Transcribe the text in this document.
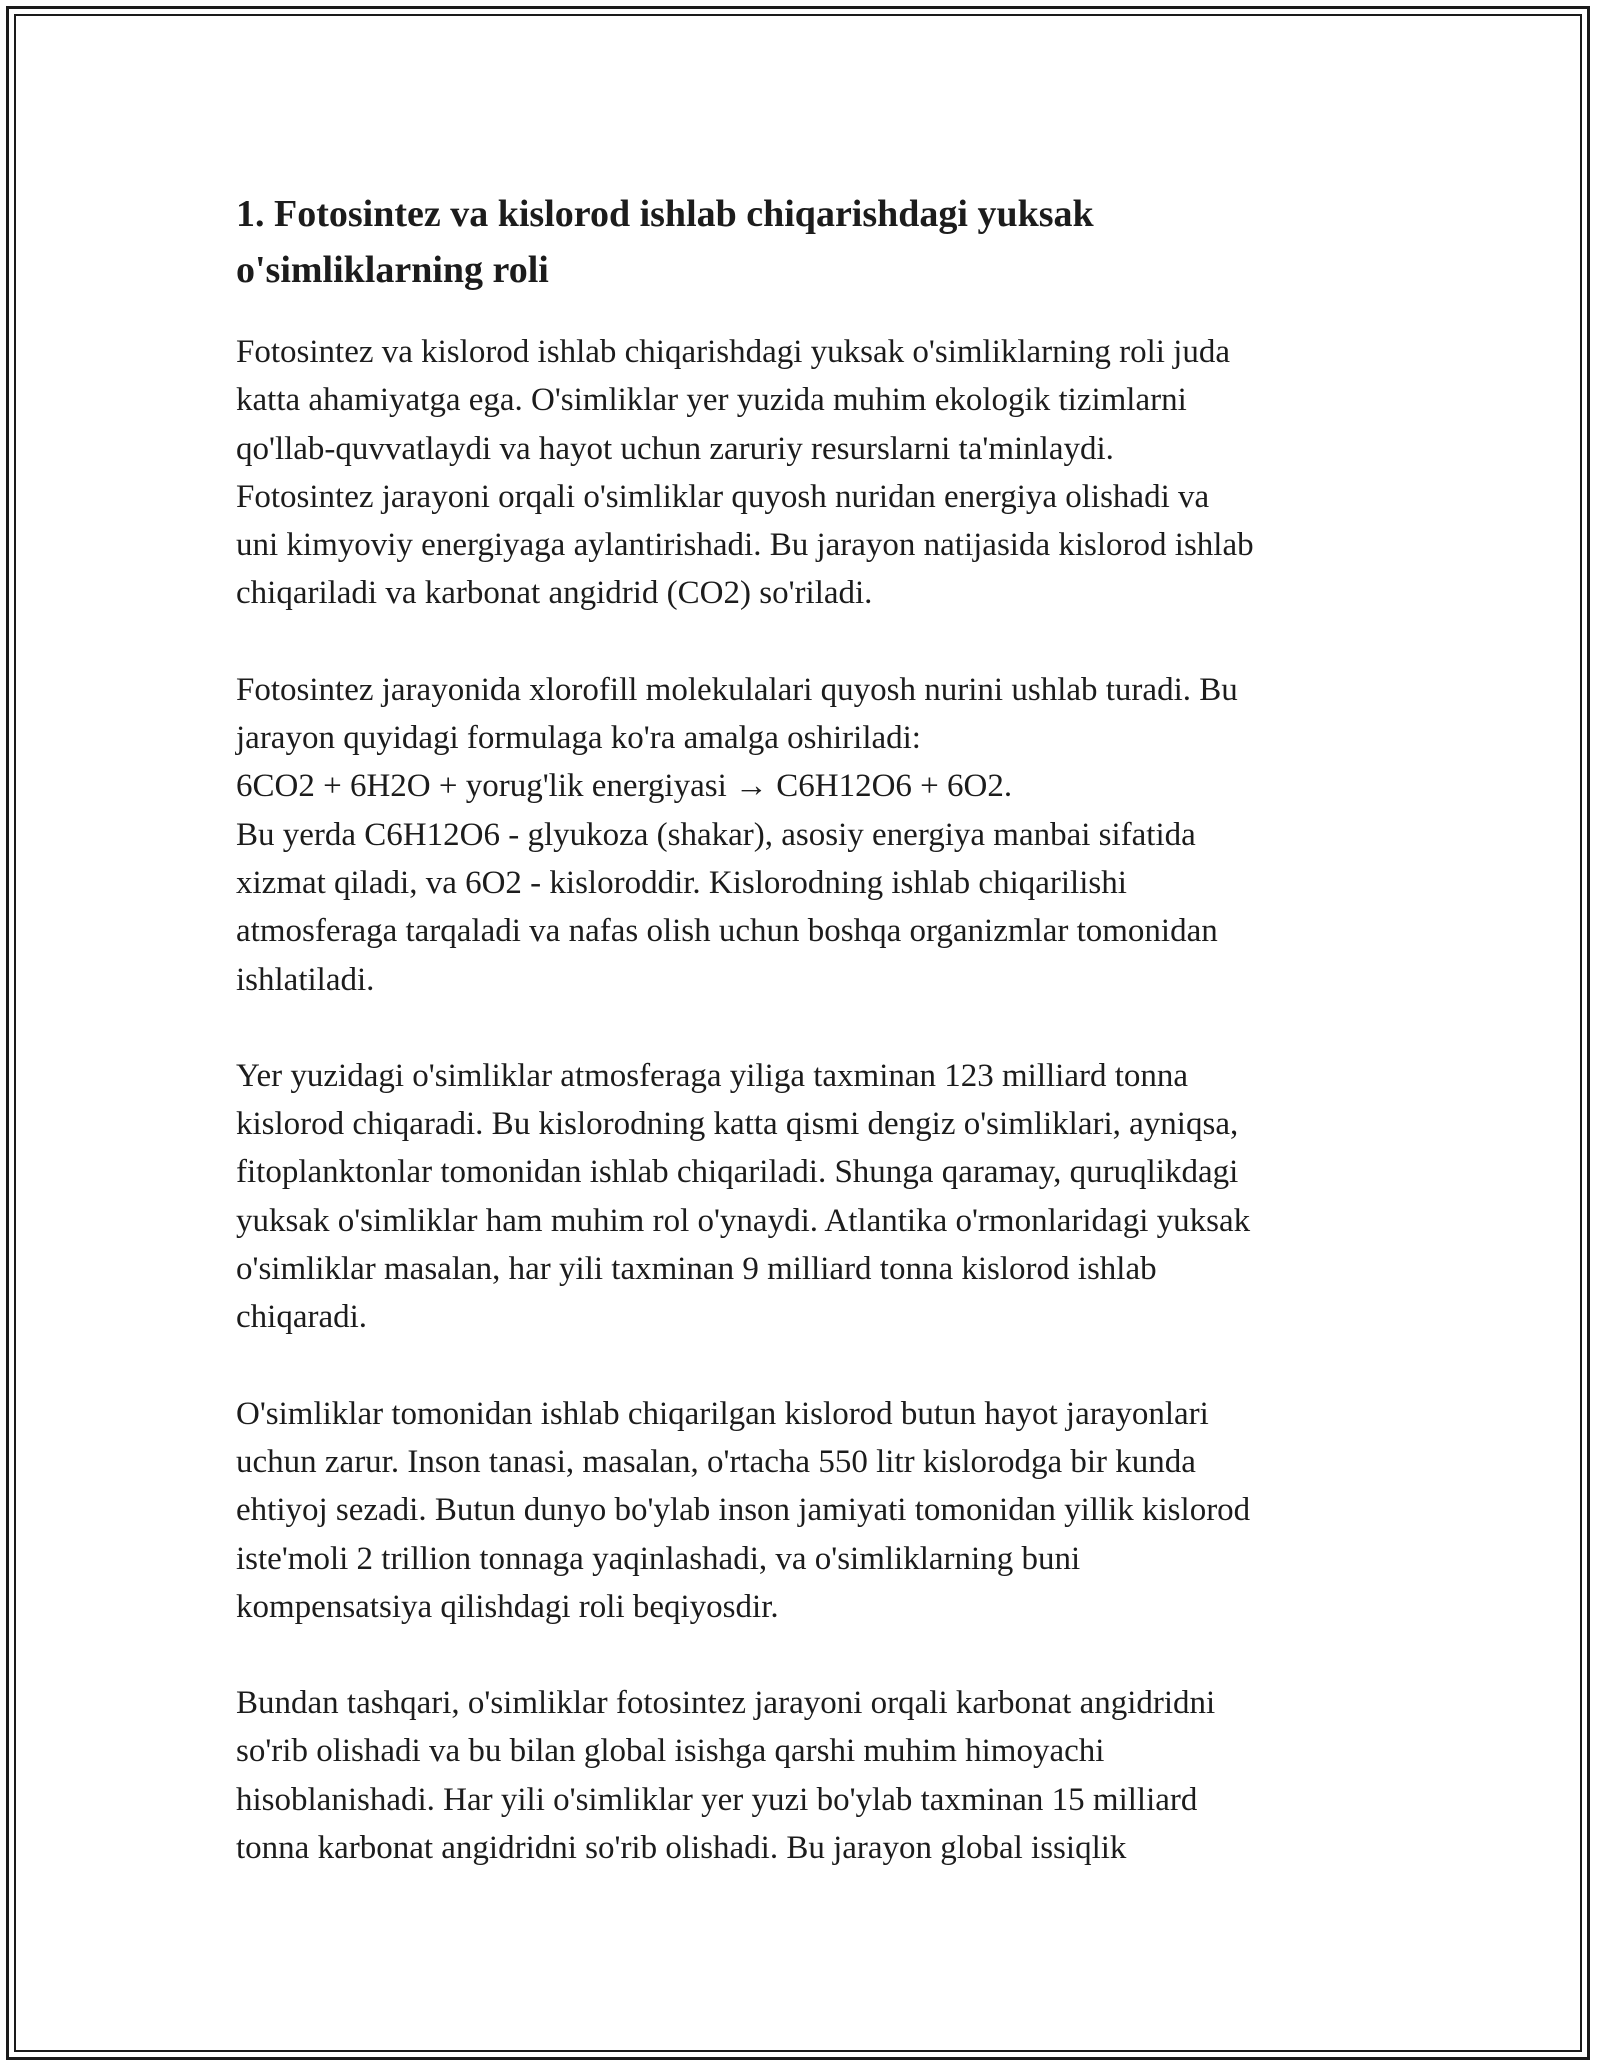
1. Fotosintez va kislorod ishlab chiqarishdagi yuksak
o'simliklarning roli
Fotosintez va kislorod ishlab chiqarishdagi yuksak o'simliklarning roli juda
katta ahamiyatga ega. O'simliklar yer yuzida muhim ekologik tizimlarni
qo'llab-quvvatlaydi va hayot uchun zaruriy resurslarni ta'minlaydi.
Fotosintez jarayoni orqali o'simliklar quyosh nuridan energiya olishadi va
uni kimyoviy energiyaga aylantirishadi. Bu jarayon natijasida kislorod ishlab
chiqariladi va karbonat angidrid (CO2) so'riladi.
Fotosintez jarayonida xlorofill molekulalari quyosh nurini ushlab turadi. Bu
jarayon quyidagi formulaga ko'ra amalga oshiriladi:
6CO2 + 6H2O + yorug'lik energiyasi → C6H12O6 + 6O2.
Bu yerda C6H12O6 - glyukoza (shakar), asosiy energiya manbai sifatida
xizmat qiladi, va 6O2 - kisloroddir. Kislorodning ishlab chiqarilishi
atmosferaga tarqaladi va nafas olish uchun boshqa organizmlar tomonidan
ishlatiladi.
Yer yuzidagi o'simliklar atmosferaga yiliga taxminan 123 milliard tonna
kislorod chiqaradi. Bu kislorodning katta qismi dengiz o'simliklari, ayniqsa,
fitoplanktonlar tomonidan ishlab chiqariladi. Shunga qaramay, quruqlikdagi
yuksak o'simliklar ham muhim rol o'ynaydi. Atlantika o'rmonlaridagi yuksak
o'simliklar masalan, har yili taxminan 9 milliard tonna kislorod ishlab
chiqaradi.
O'simliklar tomonidan ishlab chiqarilgan kislorod butun hayot jarayonlari
uchun zarur. Inson tanasi, masalan, o'rtacha 550 litr kislorodga bir kunda
ehtiyoj sezadi. Butun dunyo bo'ylab inson jamiyati tomonidan yillik kislorod
iste'moli 2 trillion tonnaga yaqinlashadi, va o'simliklarning buni
kompensatsiya qilishdagi roli beqiyosdir.
Bundan tashqari, o'simliklar fotosintez jarayoni orqali karbonat angidridni
so'rib olishadi va bu bilan global isishga qarshi muhim himoyachi
hisoblanishadi. Har yili o'simliklar yer yuzi bo'ylab taxminan 15 milliard
tonna karbonat angidridni so'rib olishadi. Bu jarayon global issiqlik
